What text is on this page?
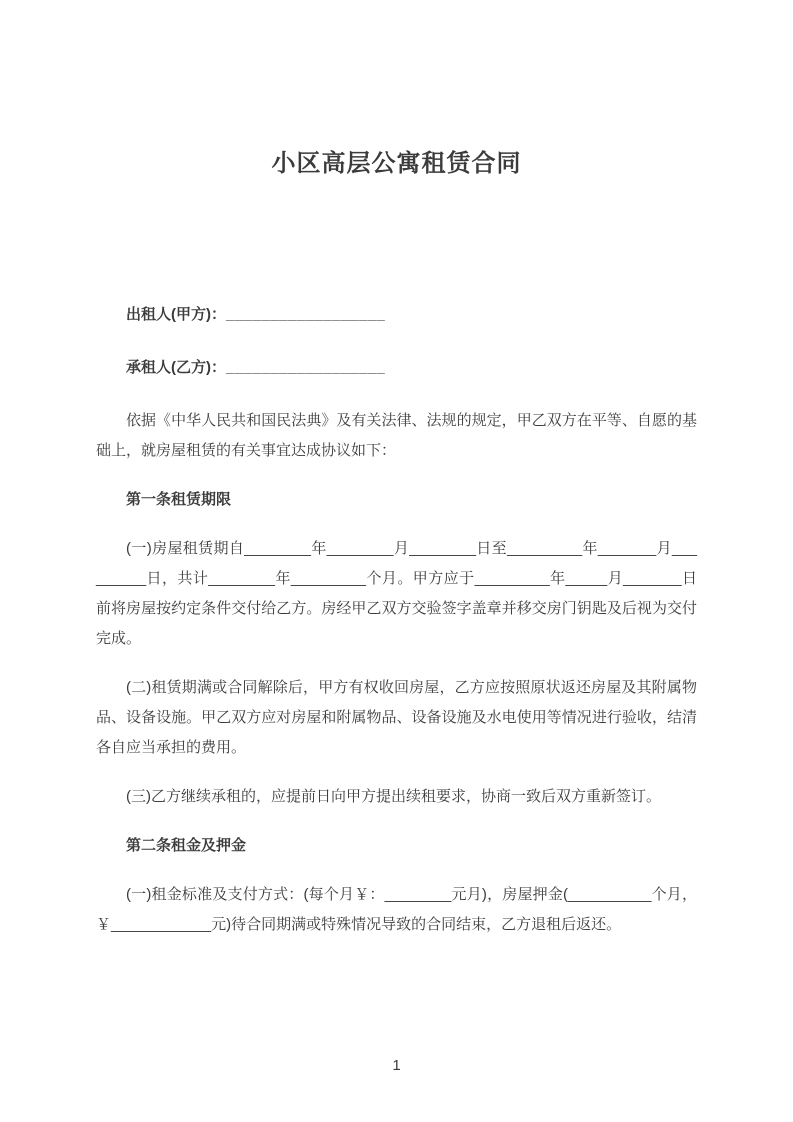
小区高层公寓租赁合同

出租人(甲方)：__________________

承租人(乙方)：__________________

依据《中华人民共和国民法典》及有关法律、法规的规定，甲乙双方在平等、自愿的基础上，就房屋租赁的有关事宜达成协议如下：

第一条租赁期限

(一)房屋租赁期自________年________月________日至_________年_______月_________日，共计________年_________个月。甲方应于_________年_____月_______日前将房屋按约定条件交付给乙方。房经甲乙双方交验签字盖章并移交房门钥匙及后视为交付完成。

(二)租赁期满或合同解除后，甲方有权收回房屋，乙方应按照原状返还房屋及其附属物品、设备设施。甲乙双方应对房屋和附属物品、设备设施及水电使用等情况进行验收，结清各自应当承担的费用。

(三)乙方继续承租的，应提前日向甲方提出续租要求，协商一致后双方重新签订。

第二条租金及押金

(一)租金标准及支付方式：(每个月￥：________元月)，房屋押金(__________个月，￥____________元)待合同期满或特殊情况导致的合同结束，乙方退租后返还。

1
